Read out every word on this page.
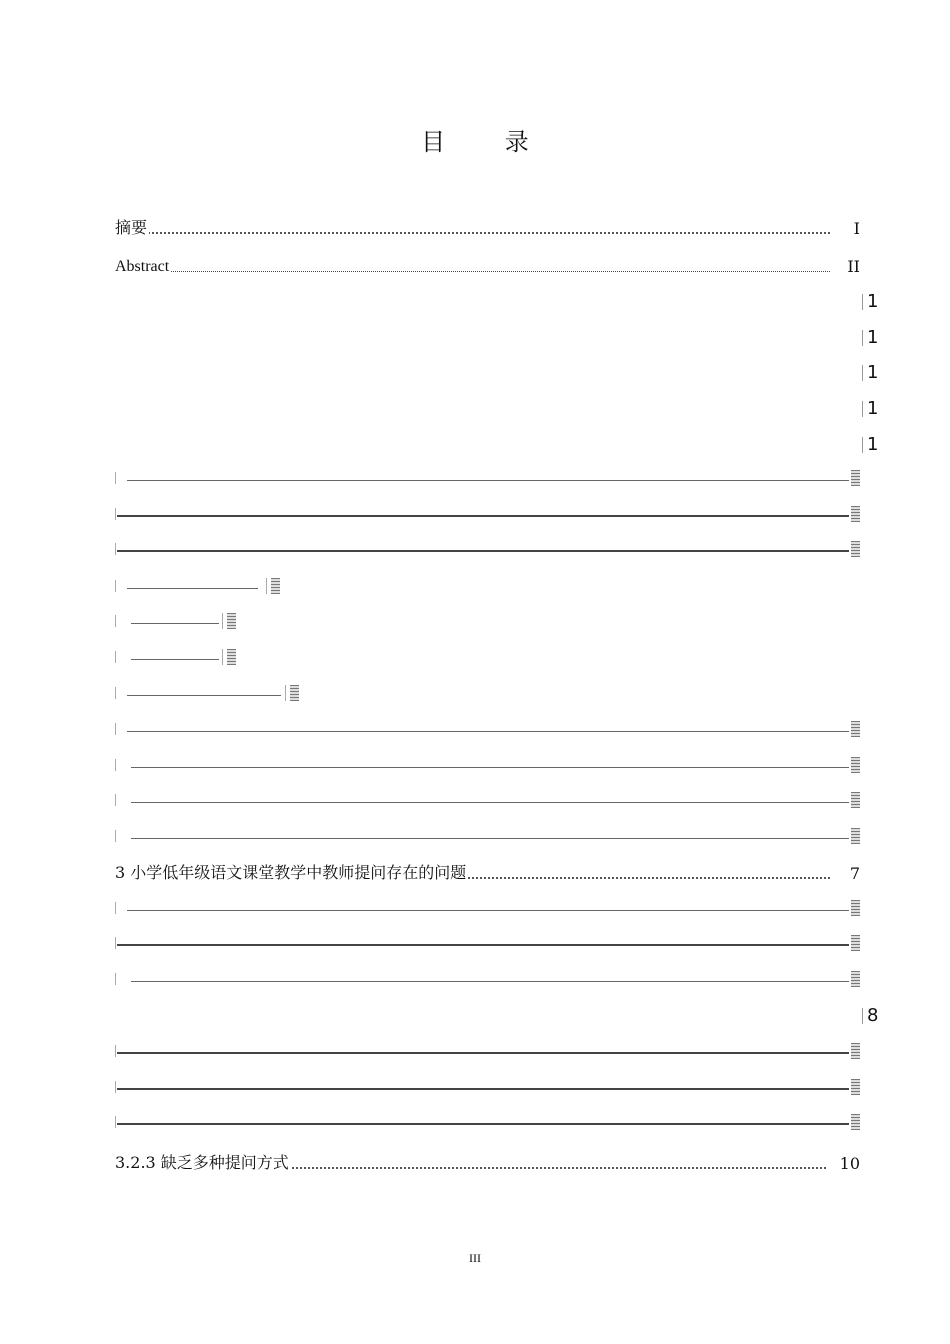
目 录
摘要	I
Abstract	II
1
1
1
1
1
3 小学低年级语文课堂教学中教师提问存在的问题	7
8
3.2.3 缺乏多种提问方式	10
III
